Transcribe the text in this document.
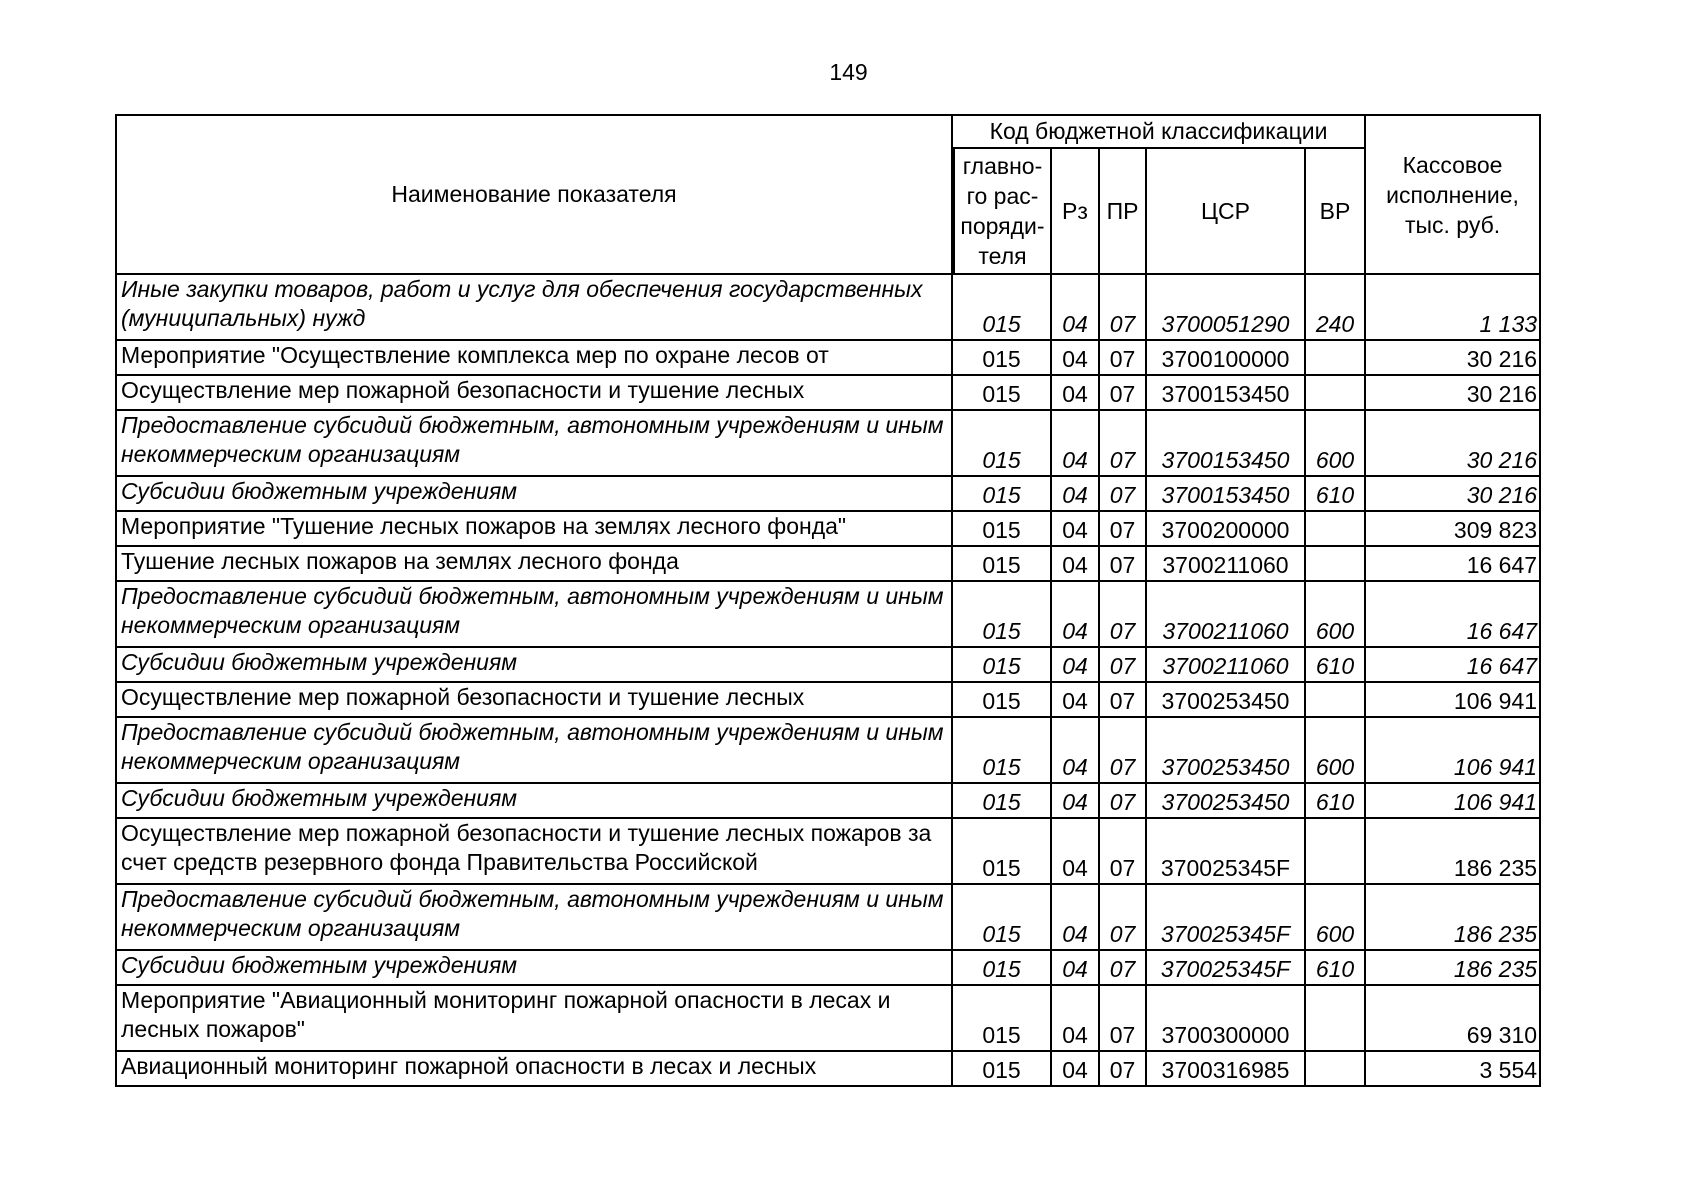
149
Наименование показателя	Код бюджетной классификации					Кассовое исполнение, тыс. руб.
	главно-го рас-поряди-теля	Рз	ПР	ЦСР	ВР	

Иные закупки товаров, работ и услуг для обеспечения государственных (муниципальных) нужд	015	04	07	3700051290	240	1 133

Мероприятие "Осуществление комплекса мер по охране лесов от	015	04	07	3700100000		30 216

Осуществление мер пожарной безопасности и тушение лесных	015	04	07	3700153450		30 216

Предоставление субсидий бюджетным, автономным учреждениям и иным некоммерческим организациям	015	04	07	3700153450	600	30 216

Субсидии бюджетным учреждениям	015	04	07	3700153450	610	30 216

Мероприятие "Тушение лесных пожаров на землях лесного фонда"	015	04	07	3700200000		309 823

Тушение лесных пожаров на землях лесного фонда	015	04	07	3700211060		16 647

Предоставление субсидий бюджетным, автономным учреждениям и иным некоммерческим организациям	015	04	07	3700211060	600	16 647

Субсидии бюджетным учреждениям	015	04	07	3700211060	610	16 647

Осуществление мер пожарной безопасности и тушение лесных	015	04	07	3700253450		106 941

Предоставление субсидий бюджетным, автономным учреждениям и иным некоммерческим организациям	015	04	07	3700253450	600	106 941

Субсидии бюджетным учреждениям	015	04	07	3700253450	610	106 941

Осуществление мер пожарной безопасности и тушение лесных пожаров за счет средств резервного фонда Правительства Российской	015	04	07	370025345F		186 235

Предоставление субсидий бюджетным, автономным учреждениям и иным некоммерческим организациям	015	04	07	370025345F	600	186 235

Субсидии бюджетным учреждениям	015	04	07	370025345F	610	186 235

Мероприятие "Авиационный мониторинг пожарной опасности в лесах и лесных пожаров"	015	04	07	3700300000		69 310

Авиационный мониторинг пожарной опасности в лесах и лесных	015	04	07	3700316985		3 554
